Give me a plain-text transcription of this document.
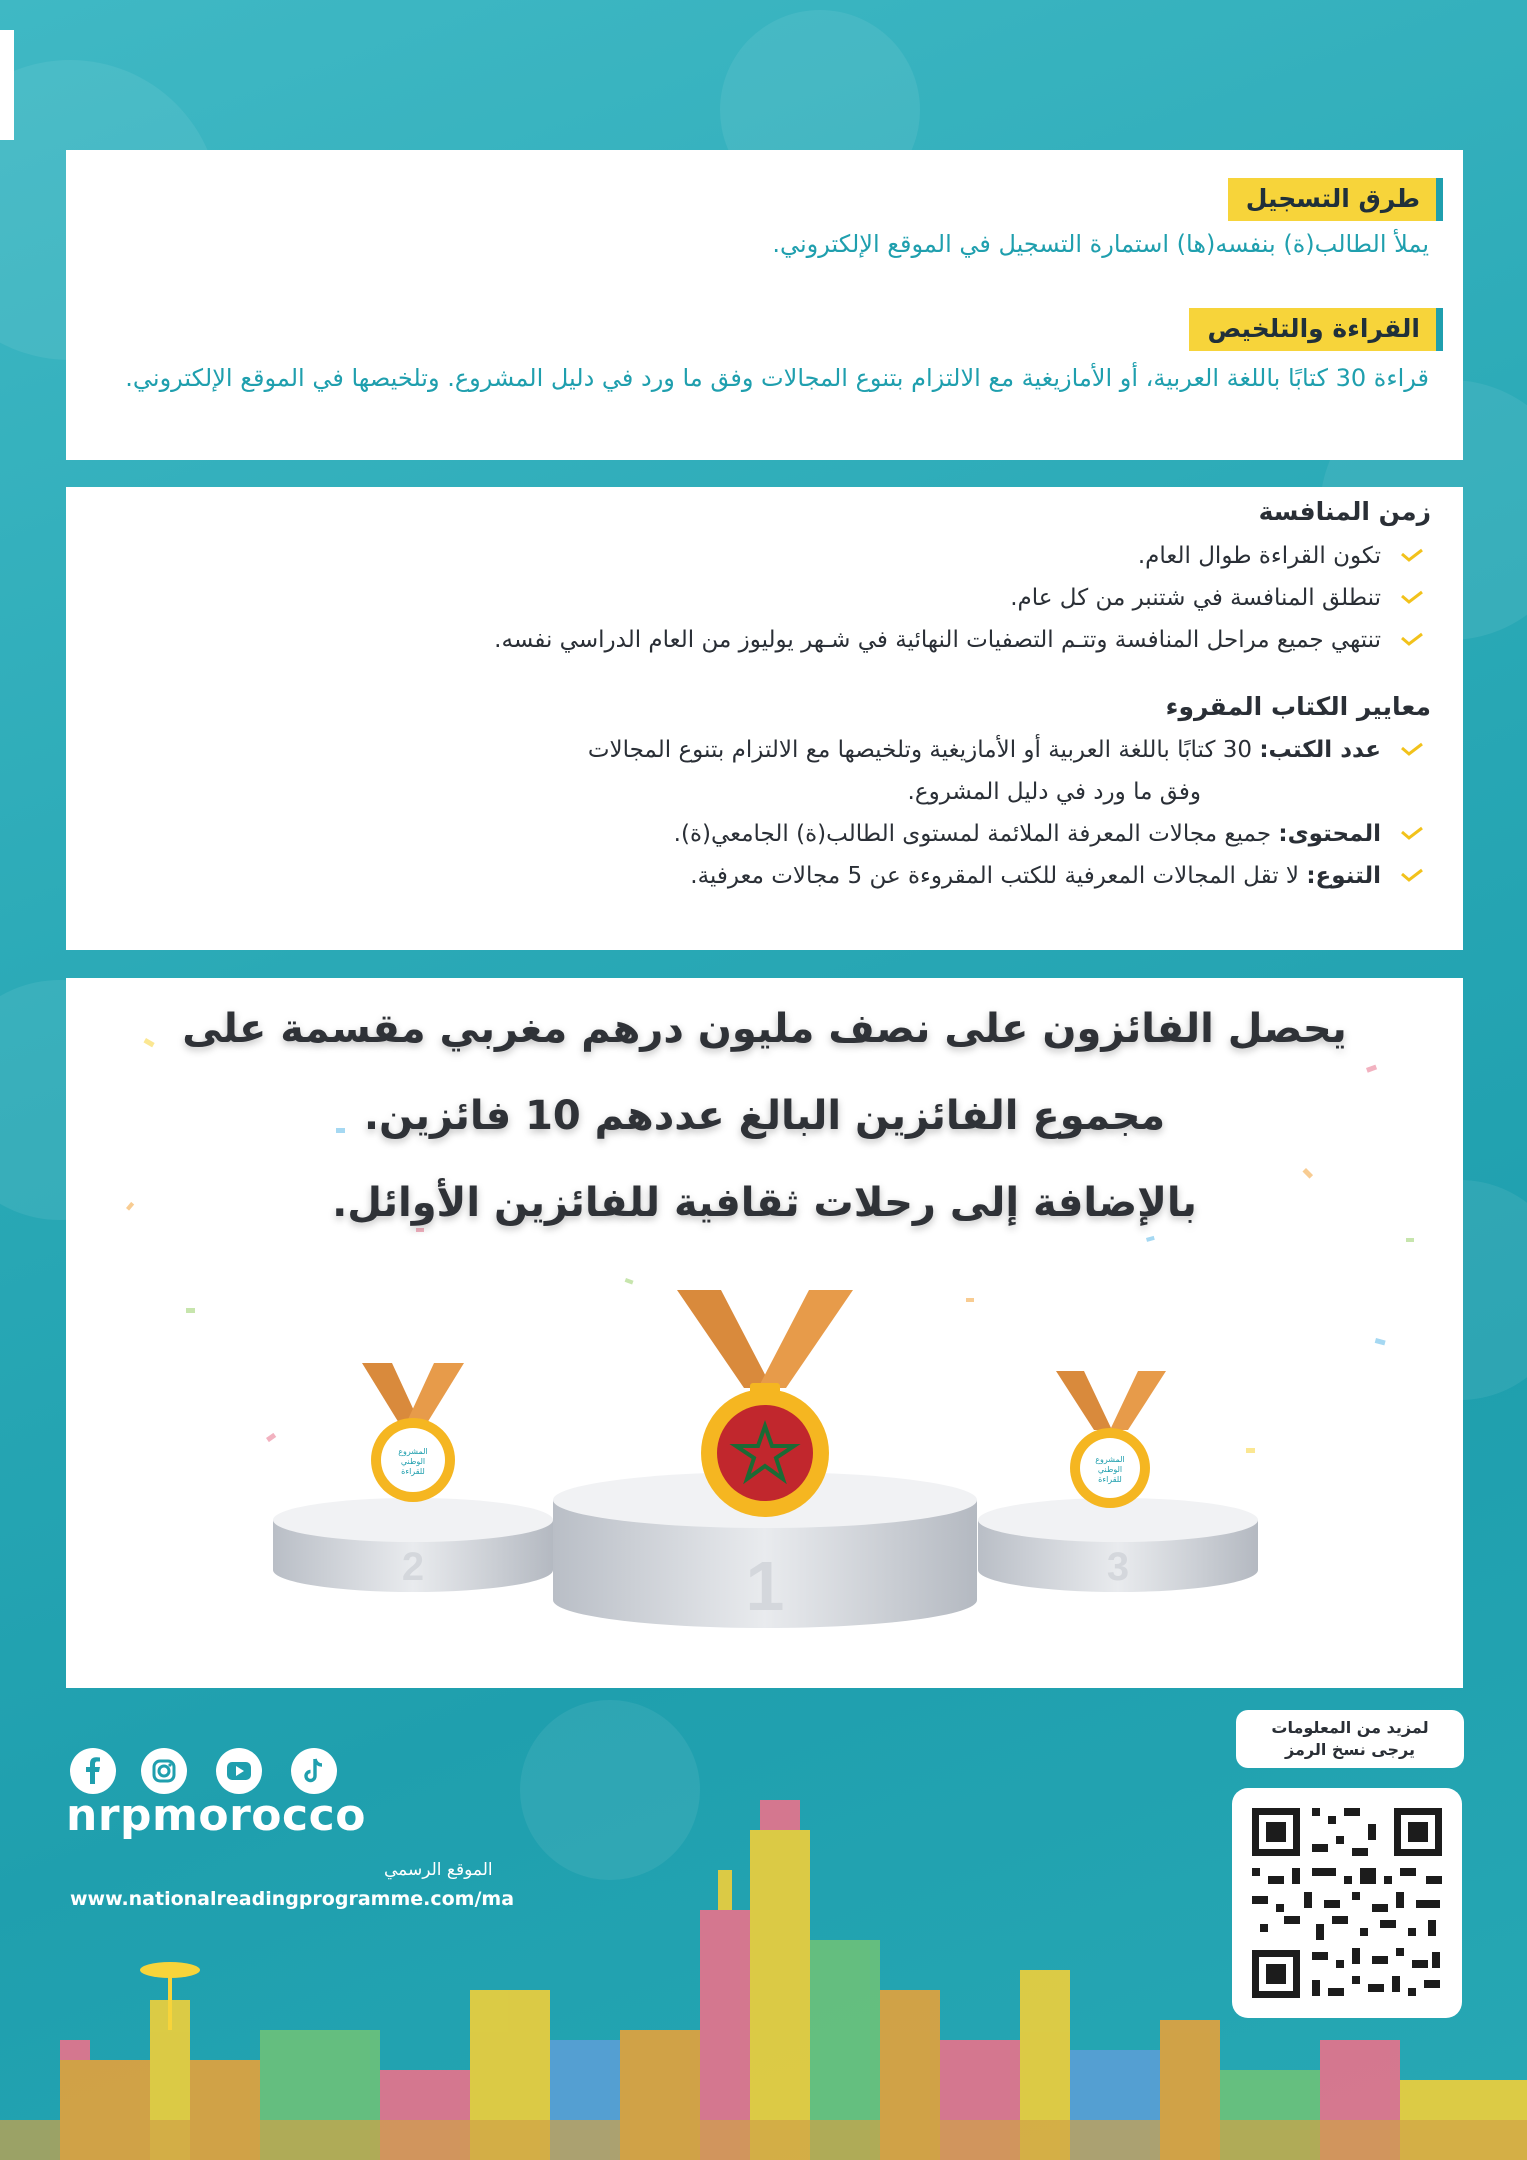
طرق التسجيل

يملأ الطالب(ة) بنفسه(ها) استمارة التسجيل في الموقع الإلكتروني.

القراءة والتلخيص

قراءة 30 كتابًا باللغة العربية، أو الأمازيغية مع الالتزام بتنوع المجالات وفق ما ورد في دليل المشروع. وتلخيصها في الموقع الإلكتروني.

زمن المنافسة
تكون القراءة طوال العام.
تنطلق المنافسة في شتنبر من كل عام.
تنتهي جميع مراحل المنافسة وتتـم التصفيات النهائية في شـهر يوليوز من العام الدراسي نفسه.
معايير الكتاب المقروء
عدد الكتب: 30 كتابًا باللغة العربية أو الأمازيغية وتلخيصها مع الالتزام بتنوع المجالات
وفق ما ورد في دليل المشروع.
المحتوى: جميع مجالات المعرفة الملائمة لمستوى الطالب(ة) الجامعي(ة).
التنوع: لا تقل المجالات المعرفية للكتب المقروءة عن 5 مجالات معرفية.
يحصل الفائزون على نصف مليون درهم مغربي مقسمة على
مجموع الفائزين البالغ عددهم 10 فائزين.
بالإضافة إلى رحلات ثقافية للفائزين الأوائل.
2	3
1
المشروع
الوطني
للقراءة
المشروع
الوطني
للقراءة
لمزيد من المعلومات
يرجى نسخ الرمز
nrpmorocco
الموقع الرسمي
www.nationalreadingprogramme.com/ma
